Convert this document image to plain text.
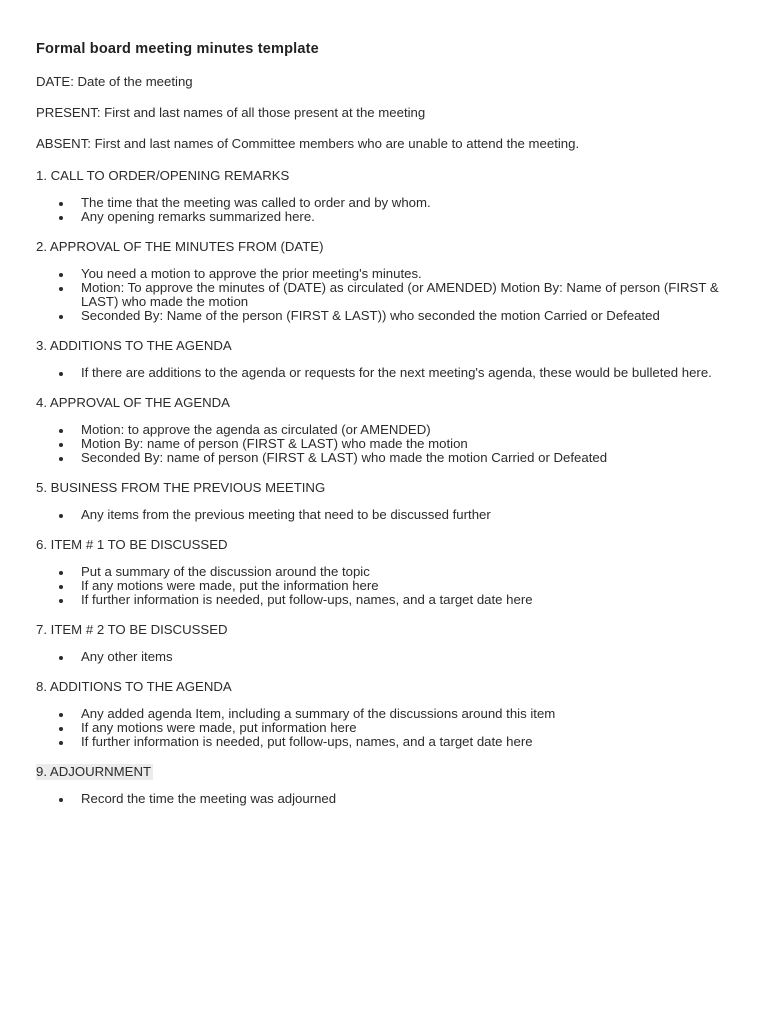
Formal board meeting minutes template
DATE: Date of the meeting
PRESENT: First and last names of all those present at the meeting
ABSENT: First and last names of Committee members who are unable to attend the meeting.
1. CALL TO ORDER/OPENING REMARKS
The time that the meeting was called to order and by whom.
Any opening remarks summarized here.
2. APPROVAL OF THE MINUTES FROM (DATE)
You need a motion to approve the prior meeting's minutes.
Motion: To approve the minutes of (DATE) as circulated (or AMENDED) Motion By: Name of person (FIRST & LAST) who made the motion
Seconded By: Name of the person (FIRST & LAST)) who seconded the motion Carried or Defeated
3. ADDITIONS TO THE AGENDA
If there are additions to the agenda or requests for the next meeting's agenda, these would be bulleted here.
4. APPROVAL OF THE AGENDA
Motion: to approve the agenda as circulated (or AMENDED)
Motion By: name of person (FIRST & LAST) who made the motion
Seconded By: name of person (FIRST & LAST) who made the motion Carried or Defeated
5. BUSINESS FROM THE PREVIOUS MEETING
Any items from the previous meeting that need to be discussed further
6. ITEM # 1 TO BE DISCUSSED
Put a summary of the discussion around the topic
If any motions were made, put the information here
If further information is needed, put follow-ups, names, and a target date here
7. ITEM # 2 TO BE DISCUSSED
Any other items
8. ADDITIONS TO THE AGENDA
Any added agenda Item, including a summary of the discussions around this item
If any motions were made, put information here
If further information is needed, put follow-ups, names, and a target date here
9. ADJOURNMENT
Record the time the meeting was adjourned
